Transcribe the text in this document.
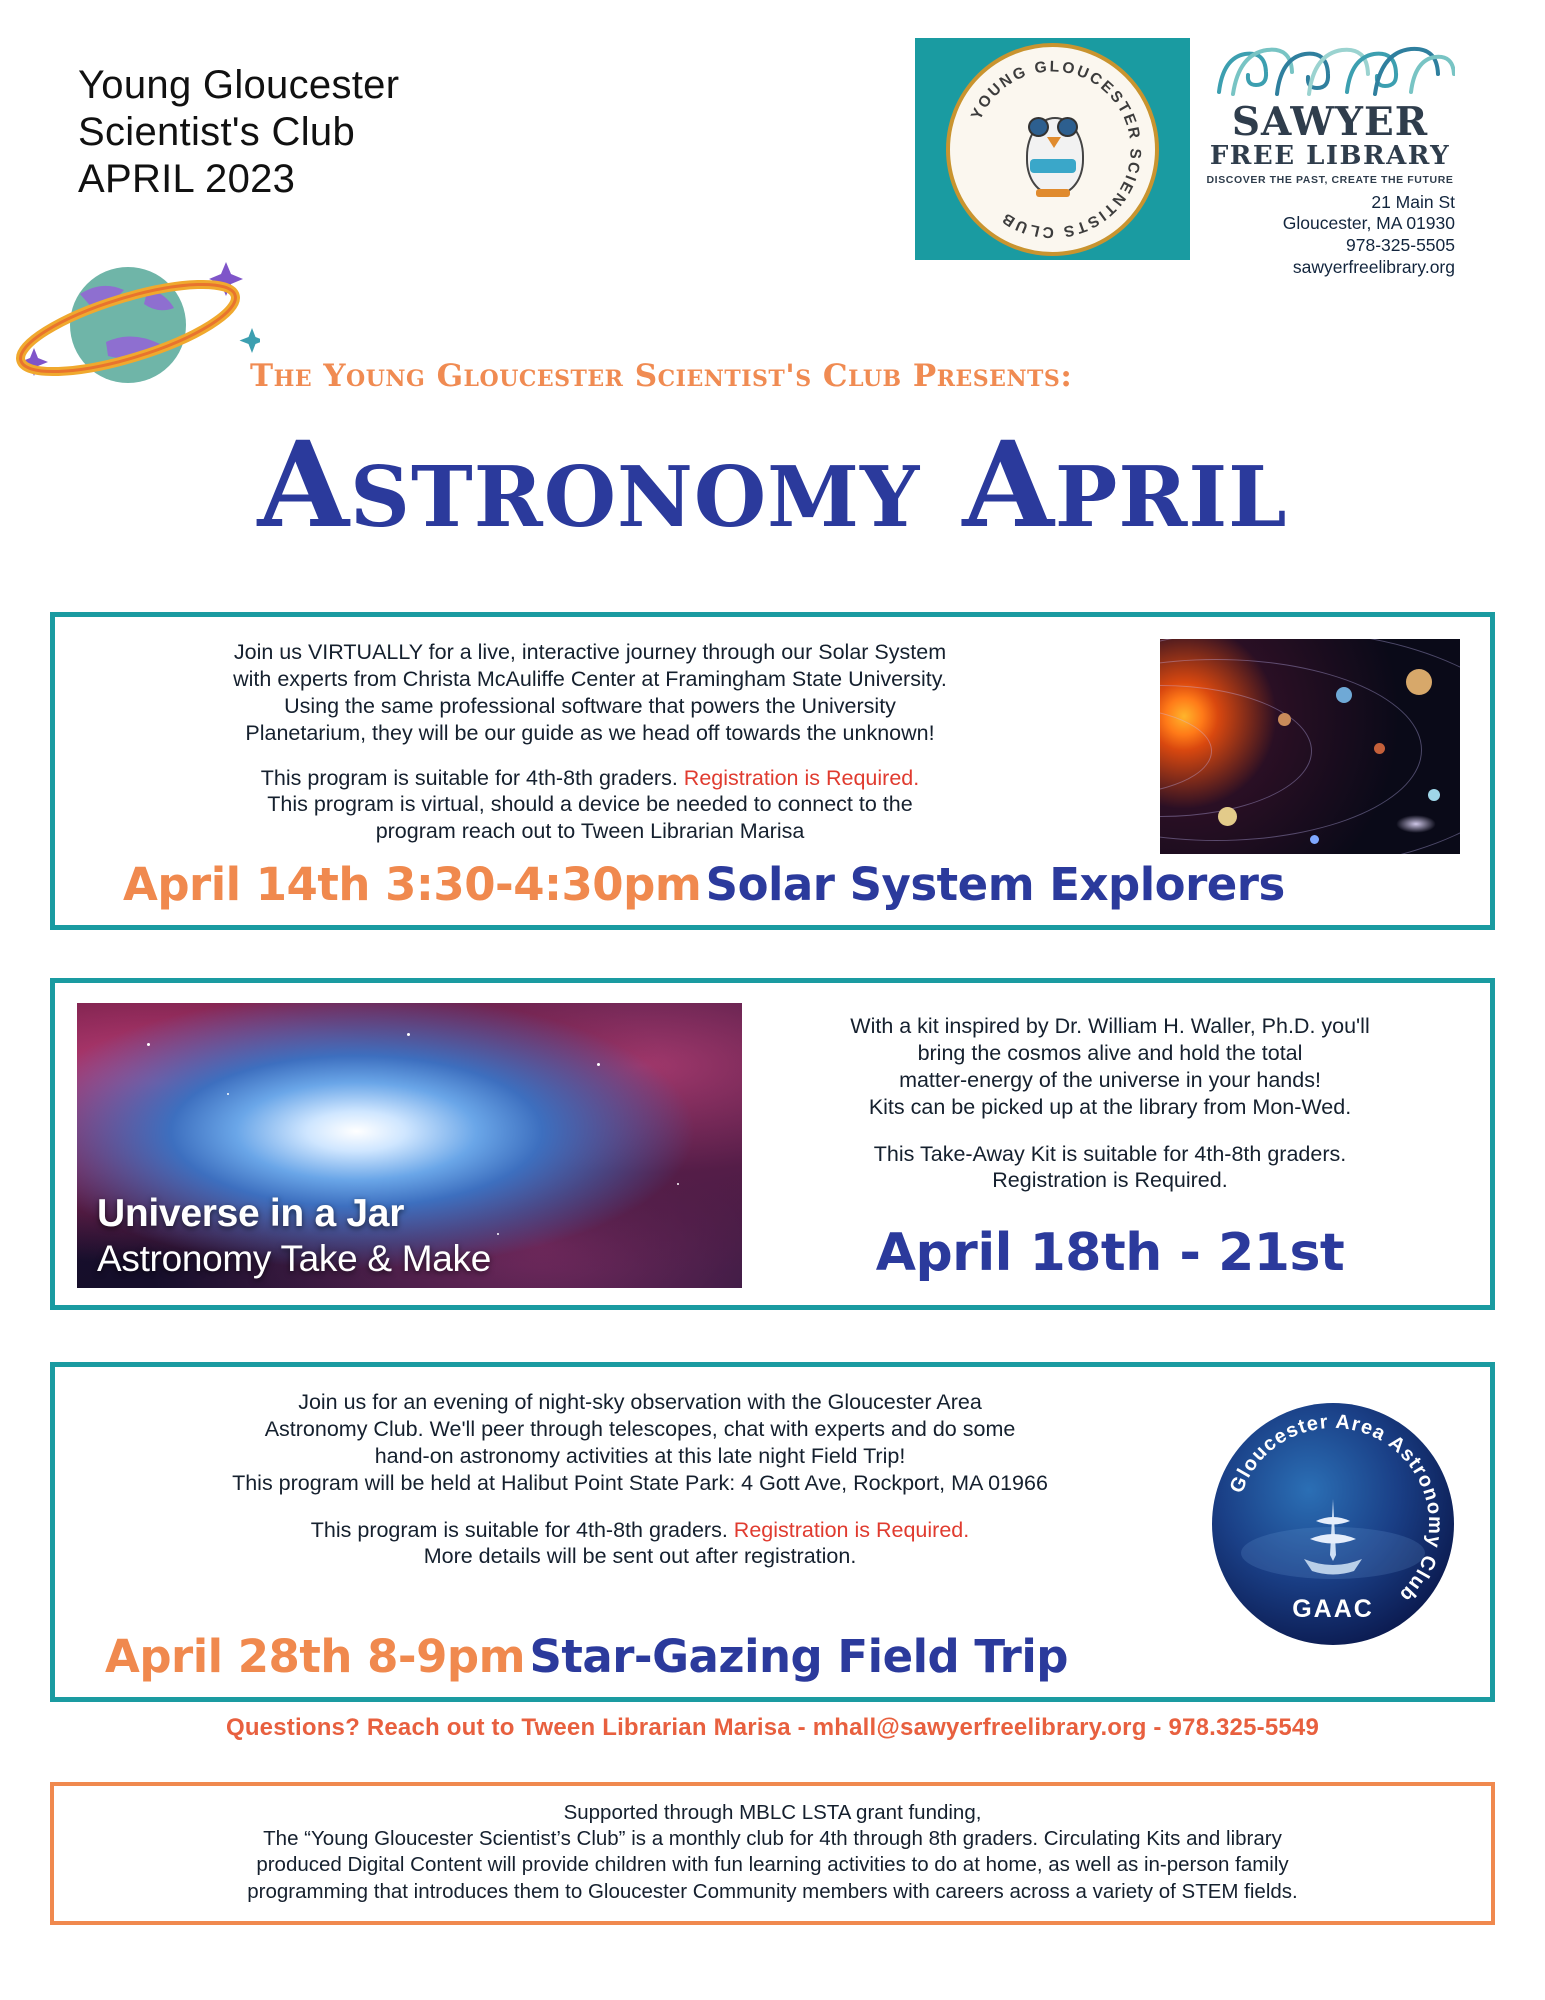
Young Gloucester
Scientist's Club
APRIL 2023
YOUNG GLOUCESTER SCIENTISTS CLUB
SAWYER
FREE LIBRARY
DISCOVER THE PAST, CREATE THE FUTURE
21 Main St
Gloucester, MA 01930
978-325-5505
sawyerfreelibrary.org
The Young Gloucester Scientist's Club Presents:
Astronomy April

Join us VIRTUALLY for a live, interactive journey through our Solar System

with experts from Christa McAuliffe Center at Framingham State University.

Using the same professional software that powers the University

Planetarium, they will be our guide as we head off towards the unknown!

This program is suitable for 4th-8th graders. Registration is Required.

This program is virtual, should a device be needed to connect to the

program reach out to Tween Librarian Marisa

April 14th 3:30-4:30pm Solar System Explorers
Universe in a Jar
Astronomy Take & Make

With a kit inspired by Dr. William H. Waller, Ph.D. you'll

bring the cosmos alive and hold the total

matter-energy of the universe in your hands!

Kits can be picked up at the library from Mon-Wed.

This Take-Away Kit is suitable for 4th-8th graders.

Registration is Required.

April 18th - 21st

Join us for an evening of night-sky observation with the Gloucester Area

Astronomy Club. We'll peer through telescopes, chat with experts and do some

hand-on astronomy activities at this late night Field Trip!

This program will be held at Halibut Point State Park: 4 Gott Ave, Rockport, MA 01966

This program is suitable for 4th-8th graders. Registration is Required.

More details will be sent out after registration.

Gloucester Area Astronomy Club
GAAC
April 28th 8-9pm Star-Gazing Field Trip
Questions? Reach out to Tween Librarian Marisa - mhall@sawyerfreelibrary.org - 978.325-5549

Supported through MBLC LSTA grant funding,

The “Young Gloucester Scientist’s Club” is a monthly club for 4th through 8th graders. Circulating Kits and library

produced Digital Content will provide children with fun learning activities to do at home, as well as in-person family

programming that introduces them to Gloucester Community members with careers across a variety of STEM fields.
